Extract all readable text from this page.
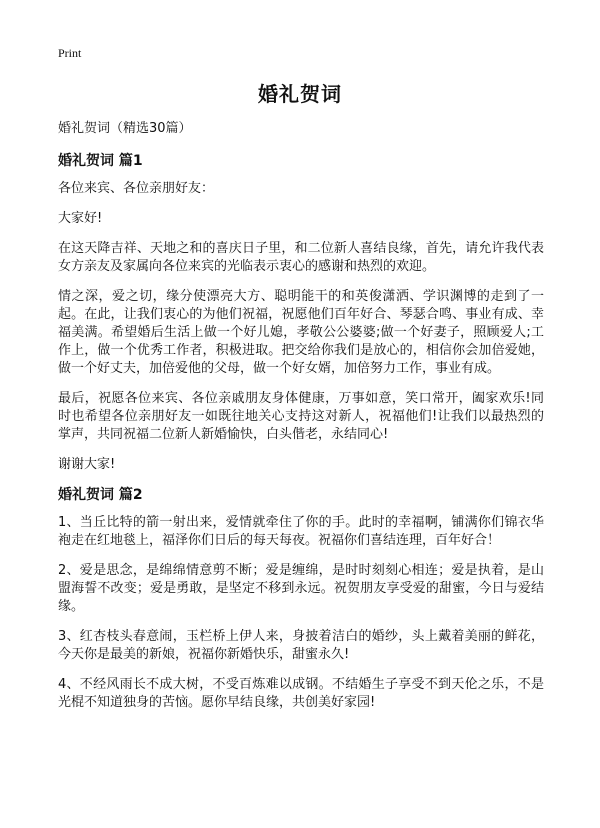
Print
婚礼贺词

婚礼贺词（精选30篇）

婚礼贺词 篇1

各位来宾、各位亲朋好友：

大家好!

在这天降吉祥、天地之和的喜庆日子里，和二位新人喜结良缘，首先，请允许我代表女方亲友及家属向各位来宾的光临表示衷心的感谢和热烈的欢迎。

情之深，爱之切，缘分使漂亮大方、聪明能干的和英俊潇洒、学识渊博的走到了一起。在此，让我们衷心的为他们祝福，祝愿他们百年好合、琴瑟合鸣、事业有成、幸福美满。希望婚后生活上做一个好儿媳，孝敬公公婆婆;做一个好妻子，照顾爱人;工作上，做一个优秀工作者，积极进取。把交给你我们是放心的，相信你会加倍爱她，做一个好丈夫，加倍爱他的父母，做一个好女婿，加倍努力工作，事业有成。

最后，祝愿各位来宾、各位亲戚朋友身体健康，万事如意，笑口常开，阖家欢乐!同时也希望各位亲朋好友一如既往地关心支持这对新人，祝福他们!让我们以最热烈的掌声，共同祝福二位新人新婚愉快，白头偕老，永结同心!

谢谢大家!

婚礼贺词 篇2

1、当丘比特的箭一射出来，爱情就牵住了你的手。此时的幸福啊，铺满你们锦衣华袍走在红地毯上，福泽你们日后的每天每夜。祝福你们喜结连理，百年好合！

2、爱是思念，是绵绵情意剪不断；爱是缠绵，是时时刻刻心相连；爱是执着，是山盟海誓不改变；爱是勇敢，是坚定不移到永远。祝贺朋友享受爱的甜蜜，今日与爱结缘。

3、红杏枝头春意闹，玉栏桥上伊人来，身披着洁白的婚纱，头上戴着美丽的鲜花，今天你是最美的新娘，祝福你新婚快乐，甜蜜永久!

4、不经风雨长不成大树，不受百炼难以成钢。不结婚生子享受不到天伦之乐，不是光棍不知道独身的苦恼。愿你早结良缘，共创美好家园!
